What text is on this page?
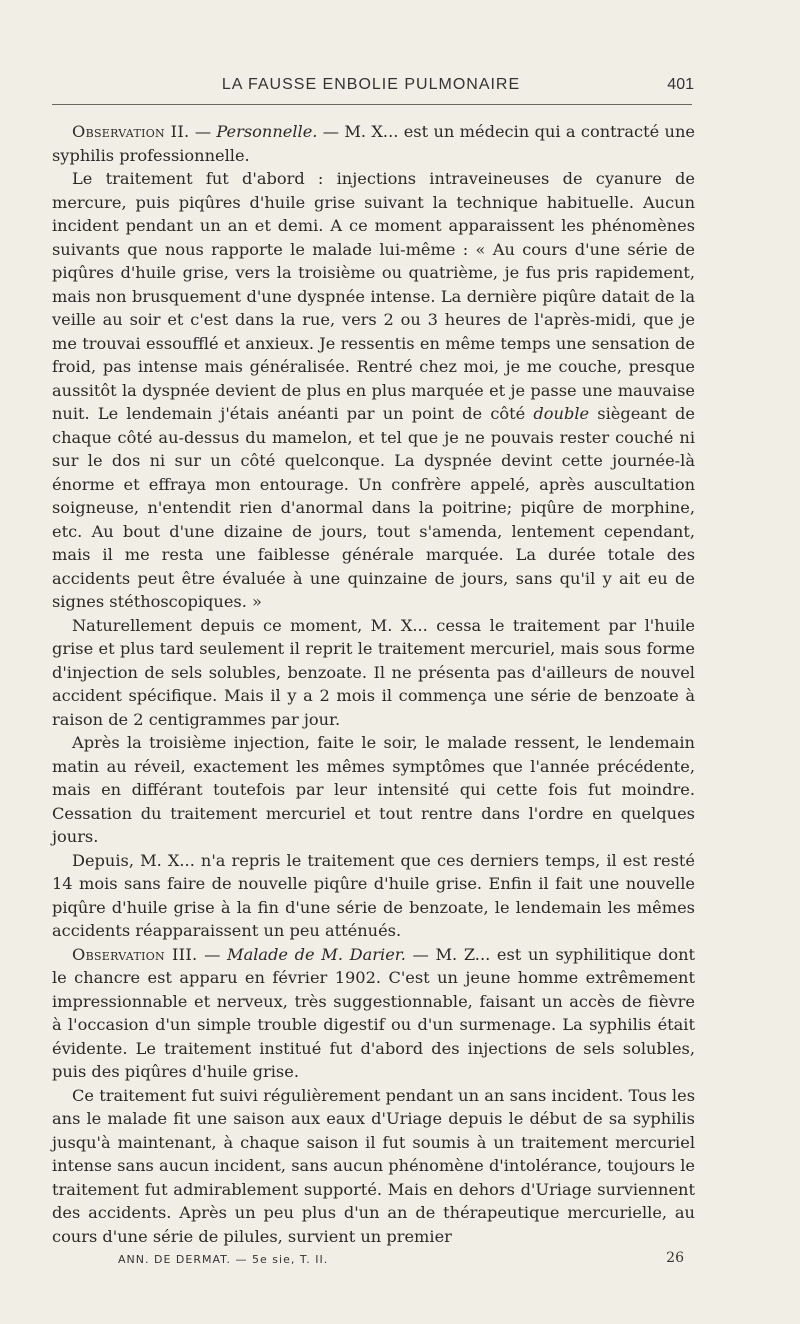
LA FAUSSE ENBOLIE PULMONAIRE	401

Observation II. — Personnelle. — M. X... est un médecin qui a contracté une syphilis professionnelle.

Le traitement fut d'abord : injections intraveineuses de cyanure de mercure, puis piqûres d'huile grise suivant la technique habituelle. Aucun incident pendant un an et demi. A ce moment apparaissent les phénomènes suivants que nous rapporte le malade lui-même : « Au cours d'une série de piqûres d'huile grise, vers la troisième ou quatrième, je fus pris rapidement, mais non brusquement d'une dyspnée intense. La dernière piqûre datait de la veille au soir et c'est dans la rue, vers 2 ou 3 heures de l'après-midi, que je me trouvai essoufflé et anxieux. Je ressentis en même temps une sensation de froid, pas intense mais généralisée. Rentré chez moi, je me couche, presque aussitôt la dyspnée devient de plus en plus marquée et je passe une mauvaise nuit. Le lendemain j'étais anéanti par un point de côté double siègeant de chaque côté au-dessus du mamelon, et tel que je ne pouvais rester couché ni sur le dos ni sur un côté quelconque. La dyspnée devint cette journée-là énorme et effraya mon entourage. Un confrère appelé, après auscultation soigneuse, n'entendit rien d'anormal dans la poitrine; piqûre de morphine, etc. Au bout d'une dizaine de jours, tout s'amenda, lentement cependant, mais il me resta une faiblesse générale marquée. La durée totale des accidents peut être évaluée à une quinzaine de jours, sans qu'il y ait eu de signes stéthoscopiques. »

Naturellement depuis ce moment, M. X... cessa le traitement par l'huile grise et plus tard seulement il reprit le traitement mercuriel, mais sous forme d'injection de sels solubles, benzoate. Il ne présenta pas d'ailleurs de nouvel accident spécifique. Mais il y a 2 mois il commença une série de benzoate à raison de 2 centigrammes par jour.

Après la troisième injection, faite le soir, le malade ressent, le lendemain matin au réveil, exactement les mêmes symptômes que l'année précédente, mais en différant toutefois par leur intensité qui cette fois fut moindre. Cessation du traitement mercuriel et tout rentre dans l'ordre en quelques jours.

Depuis, M. X... n'a repris le traitement que ces derniers temps, il est resté 14 mois sans faire de nouvelle piqûre d'huile grise. Enfin il fait une nouvelle piqûre d'huile grise à la fin d'une série de benzoate, le lendemain les mêmes accidents réapparaissent un peu atténués.

Observation III. — Malade de M. Darier. — M. Z... est un syphilitique dont le chancre est apparu en février 1902. C'est un jeune homme extrêmement impressionnable et nerveux, très suggestionnable, faisant un accès de fièvre à l'occasion d'un simple trouble digestif ou d'un surmenage. La syphilis était évidente. Le traitement institué fut d'abord des injections de sels solubles, puis des piqûres d'huile grise.

Ce traitement fut suivi régulièrement pendant un an sans incident. Tous les ans le malade fit une saison aux eaux d'Uriage depuis le début de sa syphilis jusqu'à maintenant, à chaque saison il fut soumis à un traitement mercuriel intense sans aucun incident, sans aucun phénomène d'intolérance, toujours le traitement fut admirablement supporté. Mais en dehors d'Uriage surviennent des accidents. Après un peu plus d'un an de thérapeutique mercurielle, au cours d'une série de pilules, survient un premier

ANN. DE DERMAT. — 5e sie, T. II.	26
